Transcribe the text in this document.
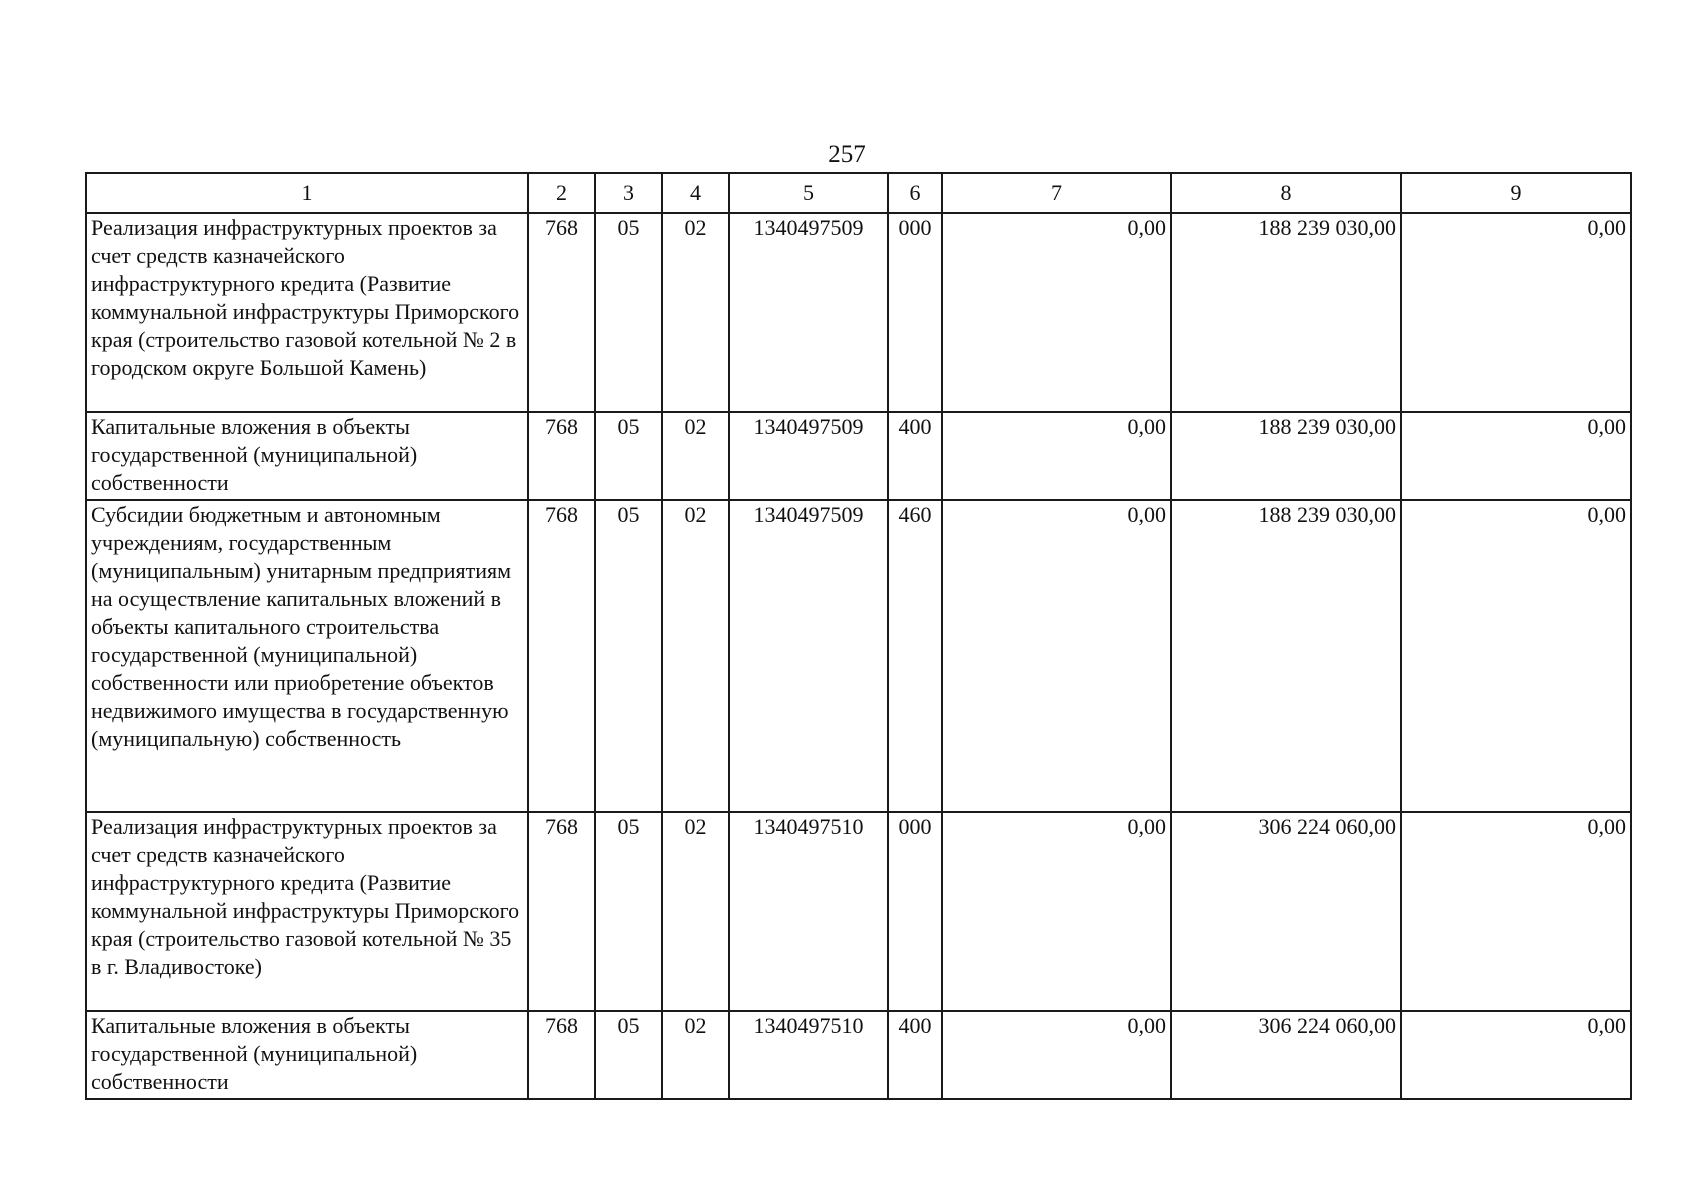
257
1	2	3	4	5	6	7	8	9
Реализация инфраструктурных проектов за счет средств казначейского инфраструктурного кредита (Развитие коммунальной инфраструктуры Приморского края (строительство газовой котельной № 2 в городском округе Большой Камень)	768	05	02	1340497509	000	0,00	188 239 030,00	0,00
Капитальные вложения в объекты государственной (муниципальной) собственности	768	05	02	1340497509	400	0,00	188 239 030,00	0,00
Субсидии бюджетным и автономным учреждениям, государственным (муниципальным) унитарным предприятиям на осуществление капитальных вложений в объекты капитального строительства государственной (муниципальной) собственности или приобретение объектов недвижимого имущества в государственную (муниципальную) собственность	768	05	02	1340497509	460	0,00	188 239 030,00	0,00
Реализация инфраструктурных проектов за счет средств казначейского инфраструктурного кредита (Развитие коммунальной инфраструктуры Приморского края (строительство газовой котельной № 35 в г. Владивостоке)	768	05	02	1340497510	000	0,00	306 224 060,00	0,00
Капитальные вложения в объекты государственной (муниципальной) собственности	768	05	02	1340497510	400	0,00	306 224 060,00	0,00
